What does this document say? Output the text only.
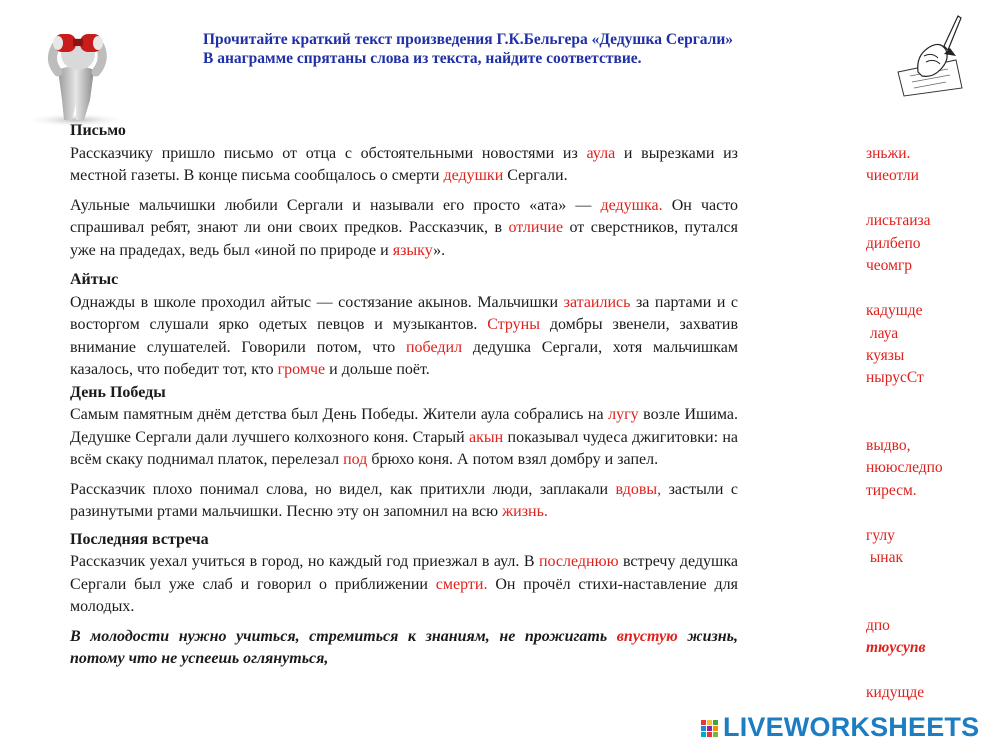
Прочитайте краткий текст произведения Г.К.Бельгера «Дедушка Сергали»
В анаграмме спрятаны слова из текста, найдите соответствие.

Письмо

Рассказчику пришло письмо от отца с обстоятельными новостями из аула и вырезками из местной газеты. В конце письма сообщалось о смерти дедушки Сергали.

Аульные мальчишки любили Сергали и называли его просто «ата» — дедушка. Он часто спрашивал ребят, знают ли они своих предков. Рассказчик, в отличие от сверстников, путался уже на прадедах, ведь был «иной по природе и языку».

Айтыс

Однажды в школе проходил айтыс — состязание акынов. Мальчишки затаились за партами и с восторгом слушали ярко одетых певцов и музыкантов. Струны домбры звенели, захватив внимание слушателей. Говорили потом, что победил дедушка Сергали, хотя мальчишкам казалось, что победит тот, кто громче и дольше поёт.

День Победы

Самым памятным днём детства был День Победы. Жители аула собрались на лугу возле Ишима. Дедушке Сергали дали лучшего колхозного коня. Старый акын показывал чудеса джигитовки: на всём скаку поднимал платок, перелезал под брюхо коня. А потом взял домбру и запел.

Рассказчик плохо понимал слова, но видел, как притихли люди, заплакали вдовы, застыли с разинутыми ртами мальчишки. Песню эту он запомнил на всю жизнь.

Последняя встреча

Рассказчик уехал учиться в город, но каждый год приезжал в аул. В последнюю встречу дедушка Сергали был уже слаб и говорил о приближении смерти. Он прочёл стихи-наставление для молодых.

В молодости нужно учиться, стремиться к знаниям, не прожигать впустую жизнь, потому что не успеешь оглянуться,

зньжи.
чиеотли
лисьтаиза
дилбепо
чеомгр
кадушде
лауа
куязы
нырусСт
выдво,
нююследпо
тиресм.
гулу
ынак
дпо
тюусупв
кидущде
LIVEWORKSHEETS
